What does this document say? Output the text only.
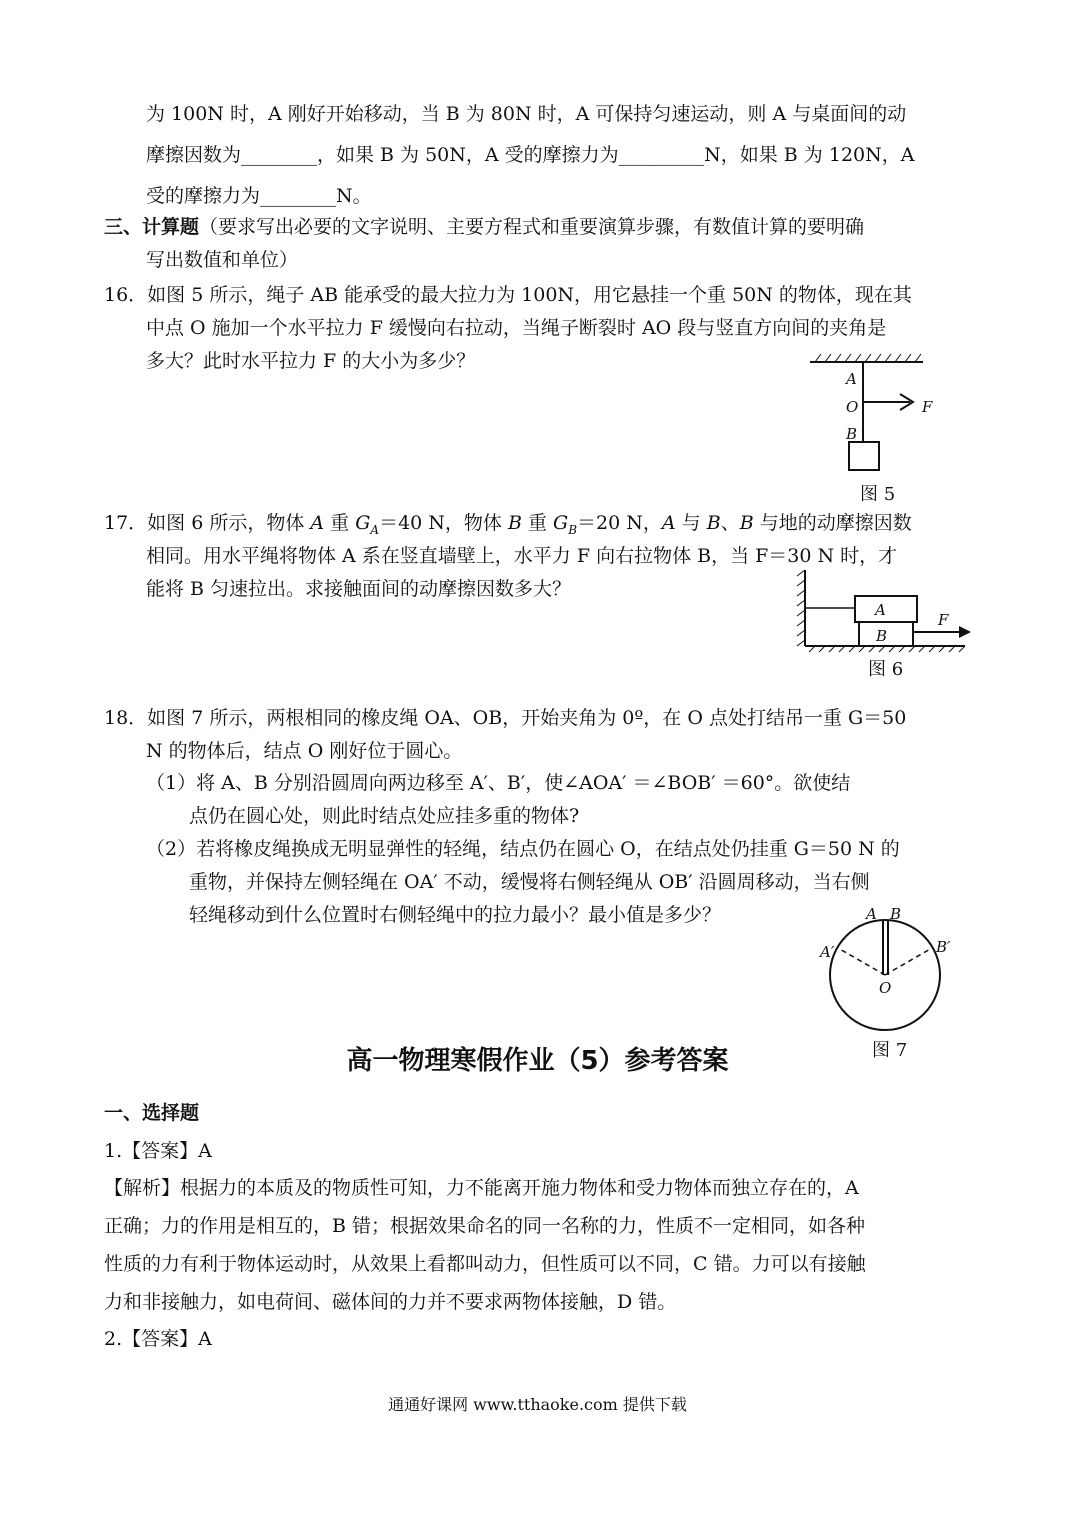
为 100N 时，A 刚好开始移动，当 B 为 80N 时，A 可保持匀速运动，则 A 与桌面间的动
摩擦因数为________，如果 B 为 50N，A 受的摩擦力为_________N，如果 B 为 120N，A
受的摩擦力为________N。
三、计算题（要求写出必要的文字说明、主要方程式和重要演算步骤，有数值计算的要明确
写出数值和单位）
16．如图 5 所示，绳子 AB 能承受的最大拉力为 100N，用它悬挂一个重 50N 的物体，现在其
中点 O 施加一个水平拉力 F 缓慢向右拉动，当绳子断裂时 AO 段与竖直方向间的夹角是
多大？此时水平拉力 F 的大小为多少？
A
O
B
F
图 5
17．如图 6 所示，物体 A 重 $G_A=40$ N，物体 B 重 $G_B=20$ N，A 与 B、B 与地的动摩擦因数
相同。用水平绳将物体 A 系在竖直墙壁上，水平力 F 向右拉物体 B，当 F＝30 N 时，才
能将 B 匀速拉出。求接触面间的动摩擦因数多大？
A
B
F
图 6
18．如图 7 所示，两根相同的橡皮绳 OA、OB，开始夹角为 0º，在 O 点处打结吊一重 G＝50
N 的物体后，结点 O 刚好位于圆心。
（1）将 A、B 分别沿圆周向两边移至 A′、B′，使∠AOA′ ＝∠BOB′ ＝60°。欲使结
点仍在圆心处，则此时结点处应挂多重的物体?
（2）若将橡皮绳换成无明显弹性的轻绳，结点仍在圆心 O，在结点处仍挂重 G＝50 N 的
重物，并保持左侧轻绳在 OA′ 不动，缓慢将右侧轻绳从 OB′ 沿圆周移动，当右侧
轻绳移动到什么位置时右侧轻绳中的拉力最小？最小值是多少？	A B
A′	B′
O
图 7
高一物理寒假作业（5）参考答案
一、选择题
1.【答案】A
【解析】根据力的本质及的物质性可知，力不能离开施力物体和受力物体而独立存在的，A
正确；力的作用是相互的，B 错；根据效果命名的同一名称的力，性质不一定相同，如各种
性质的力有利于物体运动时，从效果上看都叫动力，但性质可以不同，C 错。力可以有接触
力和非接触力，如电荷间、磁体间的力并不要求两物体接触，D 错。
2.【答案】A
通通好课网 www.tthaoke.com 提供下载
